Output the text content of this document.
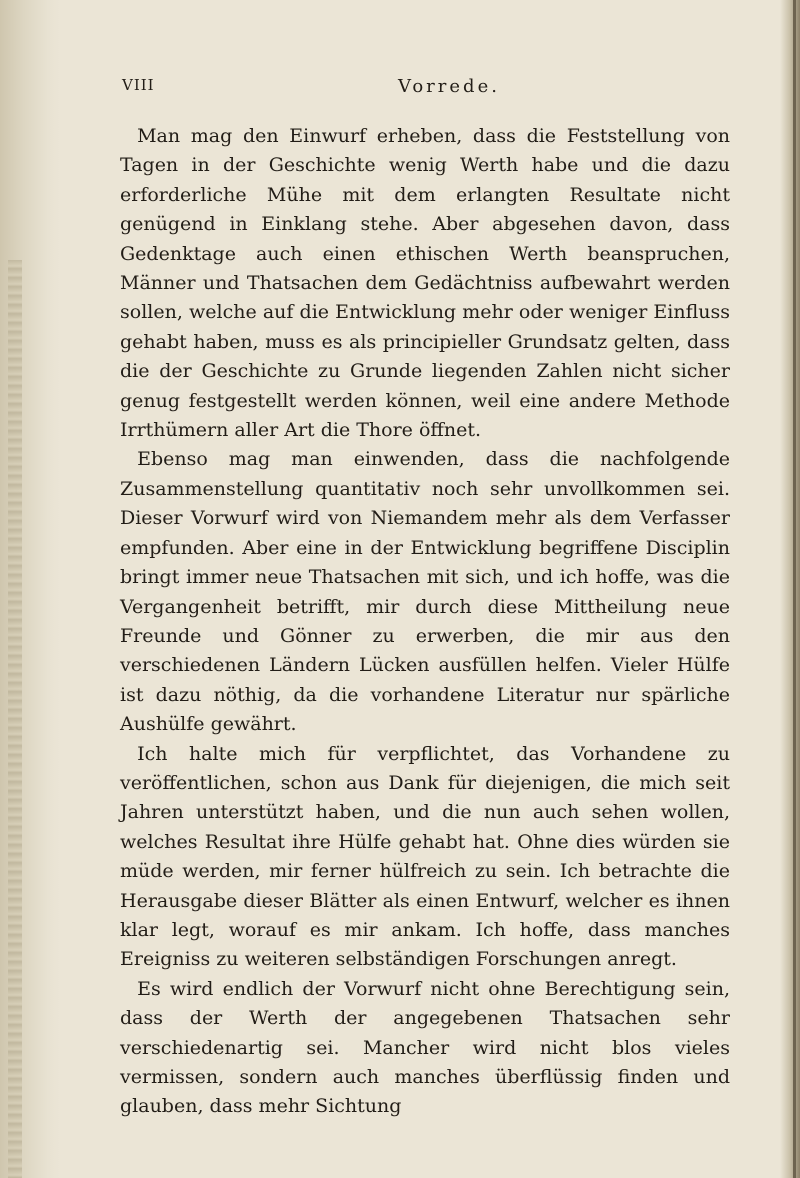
VIII	Vorrede.

Man mag den Einwurf erheben, dass die Feststellung von Tagen in der Geschichte wenig Werth habe und die dazu erforderliche Mühe mit dem erlangten Resultate nicht genügend in Einklang stehe. Aber abgesehen davon, dass Gedenktage auch einen ethischen Werth beanspruchen, Männer und Thatsachen dem Gedächtniss aufbewahrt werden sollen, welche auf die Entwicklung mehr oder weniger Einfluss gehabt haben, muss es als principieller Grundsatz gelten, dass die der Geschichte zu Grunde liegenden Zahlen nicht sicher genug festgestellt werden können, weil eine andere Methode Irrthümern aller Art die Thore öffnet.

Ebenso mag man einwenden, dass die nachfolgende Zusammenstellung quantitativ noch sehr unvollkommen sei. Dieser Vorwurf wird von Niemandem mehr als dem Verfasser empfunden. Aber eine in der Entwicklung begriffene Disciplin bringt immer neue Thatsachen mit sich, und ich hoffe, was die Vergangenheit betrifft, mir durch diese Mittheilung neue Freunde und Gönner zu erwerben, die mir aus den verschiedenen Ländern Lücken ausfüllen helfen. Vieler Hülfe ist dazu nöthig, da die vorhandene Literatur nur spärliche Aushülfe gewährt.

Ich halte mich für verpflichtet, das Vorhandene zu veröffentlichen, schon aus Dank für diejenigen, die mich seit Jahren unterstützt haben, und die nun auch sehen wollen, welches Resultat ihre Hülfe gehabt hat. Ohne dies würden sie müde werden, mir ferner hülfreich zu sein. Ich betrachte die Herausgabe dieser Blätter als einen Entwurf, welcher es ihnen klar legt, worauf es mir ankam. Ich hoffe, dass manches Ereigniss zu weiteren selbständigen Forschungen anregt.

Es wird endlich der Vorwurf nicht ohne Berechtigung sein, dass der Werth der angegebenen Thatsachen sehr verschiedenartig sei. Mancher wird nicht blos vieles vermissen, sondern auch manches überflüssig finden und glauben, dass mehr Sichtung
